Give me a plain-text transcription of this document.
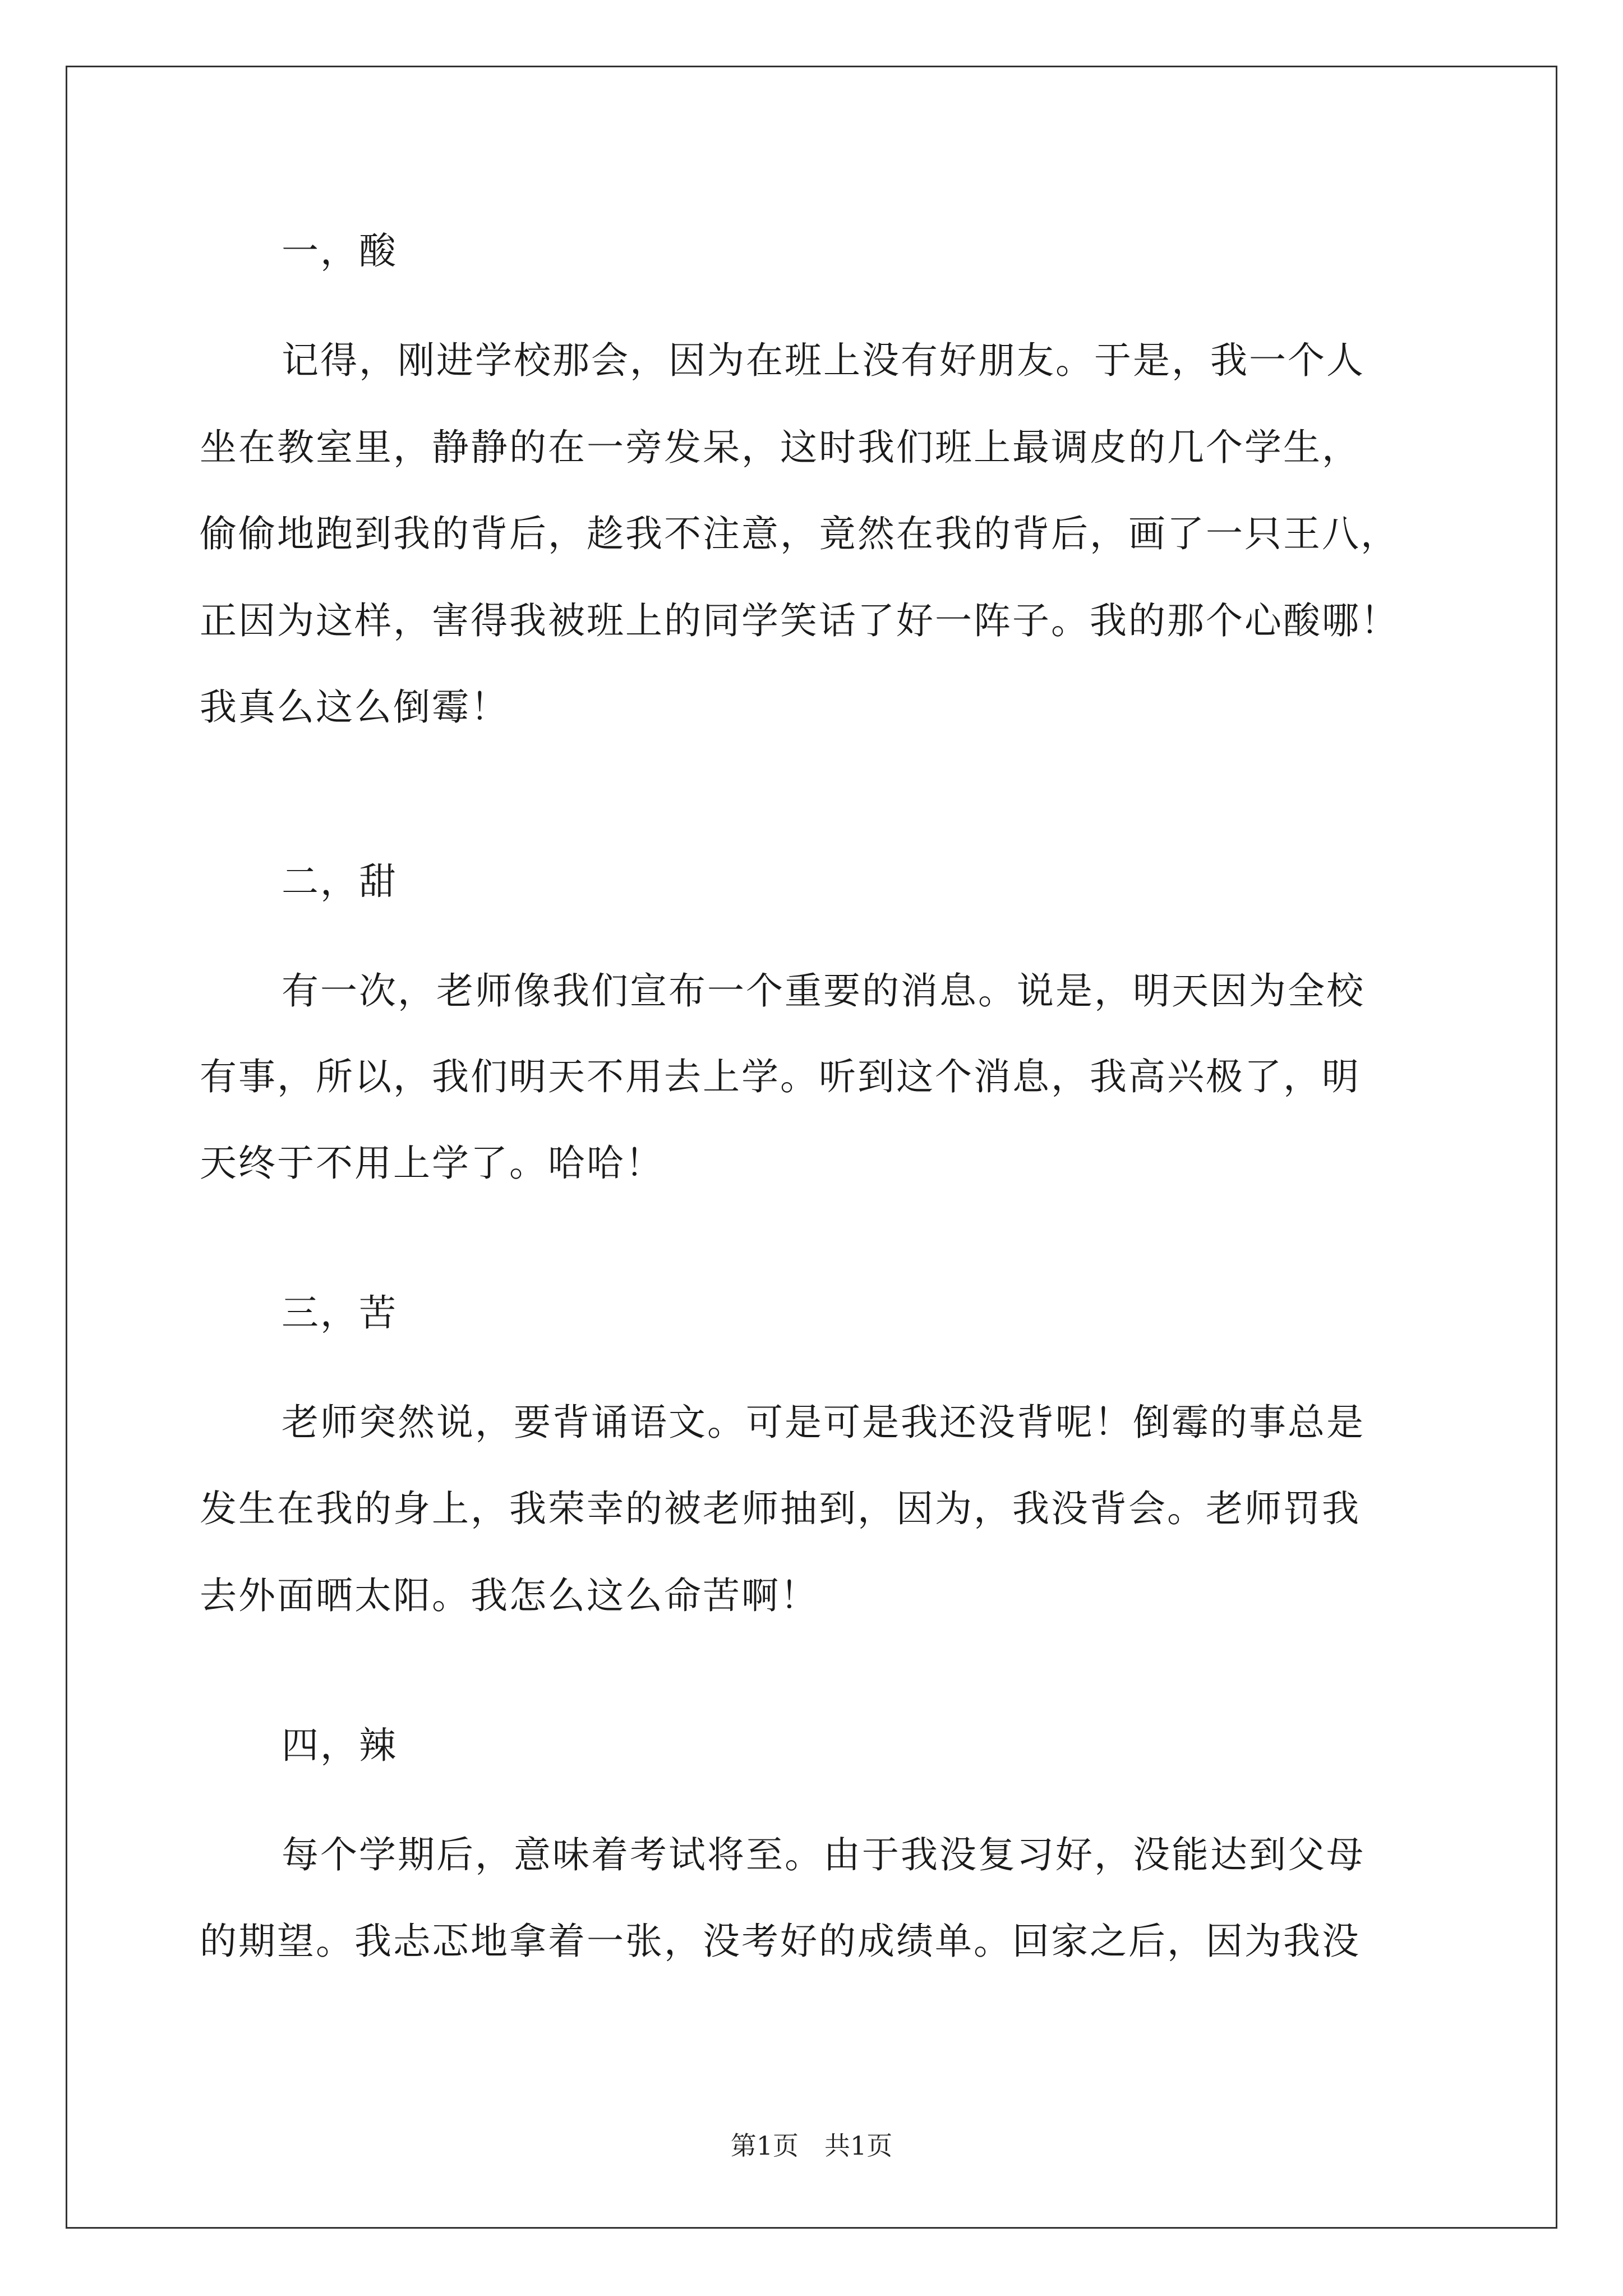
一，酸
记得，刚进学校那会，因为在班上没有好朋友。于是，我一个人
坐在教室里，静静的在一旁发呆，这时我们班上最调皮的几个学生，
偷偷地跑到我的背后，趁我不注意，竟然在我的背后，画了一只王八，
正因为这样，害得我被班上的同学笑话了好一阵子。我的那个心酸哪！
我真么这么倒霉！
二，甜
有一次，老师像我们宣布一个重要的消息。说是，明天因为全校
有事，所以，我们明天不用去上学。听到这个消息，我高兴极了，明
天终于不用上学了。哈哈！
三，苦
老师突然说，要背诵语文。可是可是我还没背呢！倒霉的事总是
发生在我的身上，我荣幸的被老师抽到，因为，我没背会。老师罚我
去外面晒太阳。我怎么这么命苦啊！
四，辣
每个学期后，意味着考试将至。由于我没复习好，没能达到父母
的期望。我忐忑地拿着一张，没考好的成绩单。回家之后，因为我没
第1页　共1页
